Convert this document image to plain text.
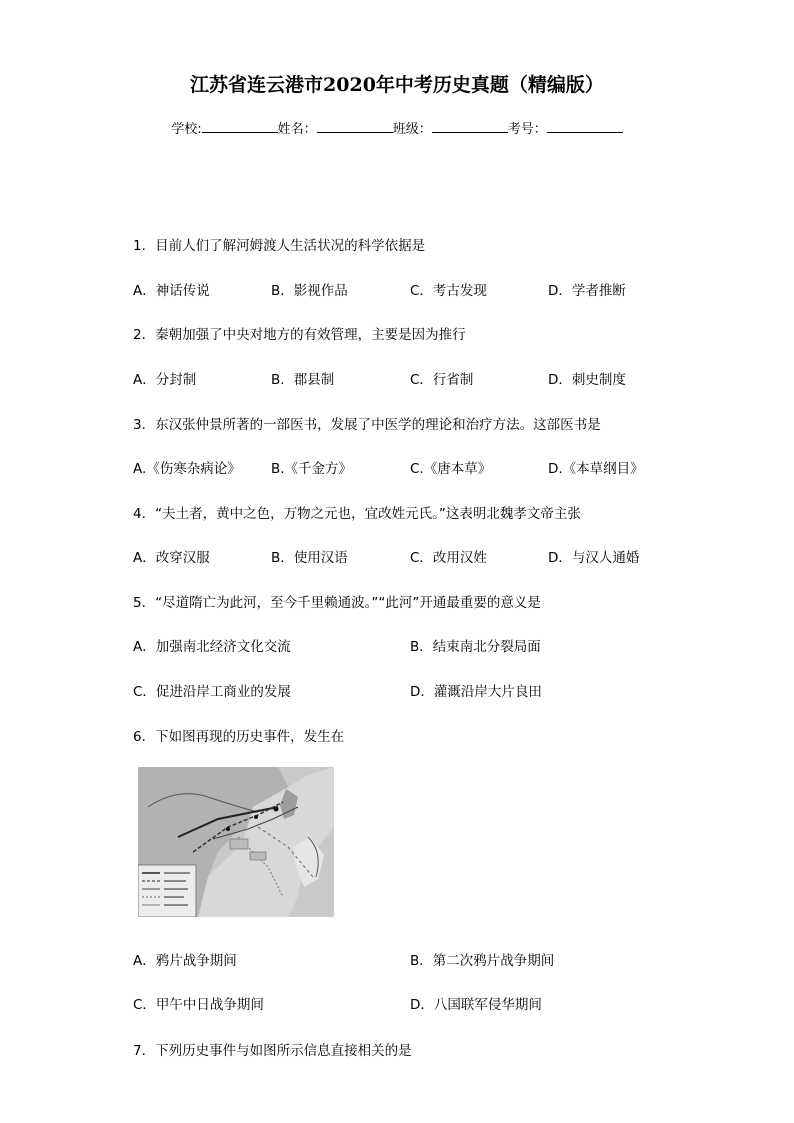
江苏省连云港市2020年中考历史真题（精编版）
学校:	姓名：	班级：	考号：
1．目前人们了解河姆渡人生活状况的科学依据是
A．神话传说	B．影视作品	C．考古发现	D．学者推断
2．秦朝加强了中央对地方的有效管理，主要是因为推行
A．分封制	B．郡县制	C．行省制	D．刺史制度
3．东汉张仲景所著的一部医书，发展了中医学的理论和治疗方法。这部医书是
A.《伤寒杂病论》 B.《千金方》	C.《唐本草》	D.《本草纲目》
4．“夫土者，黄中之色，万物之元也，宜改姓元氏。”这表明北魏孝文帝主张
A．改穿汉服	B．使用汉语	C．改用汉姓	D．与汉人通婚
5．“尽道隋亡为此河，至今千里赖通波。”“此河”开通最重要的意义是
A．加强南北经济文化交流	B．结束南北分裂局面
C．促进沿岸工商业的发展	D．灌溉沿岸大片良田
6．下如图再现的历史事件，发生在
A．鸦片战争期间	B．第二次鸦片战争期间
C．甲午中日战争期间	D．八国联军侵华期间
7．下列历史事件与如图所示信息直接相关的是
